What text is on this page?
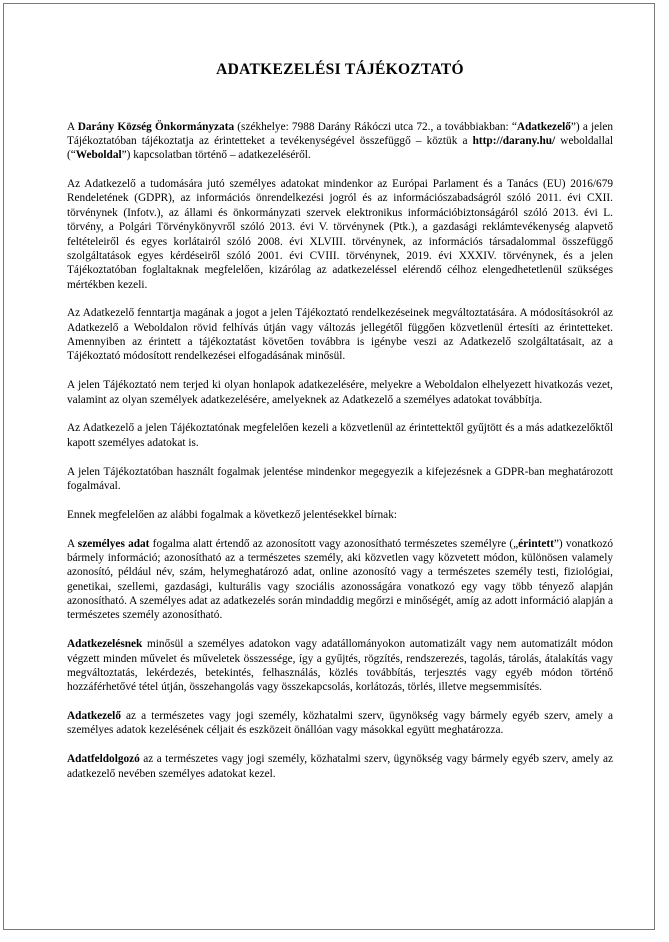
ADATKEZELÉSI TÁJÉKOZTATÓ

A Darány Község Önkormányzata (székhelye: 7988 Darány Rákóczi utca 72., a továbbiakban: “Adatkezelő”) a jelen Tájékoztatóban tájékoztatja az érintetteket a tevékenységével összefüggő – köztük a http://darany.hu/ weboldallal (“Weboldal”) kapcsolatban történő – adatkezeléséről.

Az Adatkezelő a tudomására jutó személyes adatokat mindenkor az Európai Parlament és a Tanács (EU) 2016/679 Rendeletének (GDPR), az információs önrendelkezési jogról és az információszabadságról szóló 2011. évi CXII. törvénynek (Infotv.), az állami és önkormányzati szervek elektronikus információbiztonságáról szóló 2013. évi L. törvény, a Polgári Törvénykönyvről szóló 2013. évi V. törvénynek (Ptk.), a gazdasági reklámtevékenység alapvető feltételeiről és egyes korlátairól szóló 2008. évi XLVIII. törvénynek, az információs társadalommal összefüggő szolgáltatások egyes kérdéseiről szóló 2001. évi CVIII. törvénynek, 2019. évi XXXIV. törvénynek, és a jelen Tájékoztatóban foglaltaknak megfelelően, kizárólag az adatkezeléssel elérendő célhoz elengedhetetlenül szükséges mértékben kezeli.

Az Adatkezelő fenntartja magának a jogot a jelen Tájékoztató rendelkezéseinek megváltoztatására. A módosításokról az Adatkezelő a Weboldalon rövid felhívás útján vagy változás jellegétől függően közvetlenül értesíti az érintetteket. Amennyiben az érintett a tájékoztatást követően továbbra is igénybe veszi az Adatkezelő szolgáltatásait, az a Tájékoztató módosított rendelkezései elfogadásának minősül.

A jelen Tájékoztató nem terjed ki olyan honlapok adatkezelésére, melyekre a Weboldalon elhelyezett hivatkozás vezet, valamint az olyan személyek adatkezelésére, amelyeknek az Adatkezelő a személyes adatokat továbbítja.

Az Adatkezelő a jelen Tájékoztatónak megfelelően kezeli a közvetlenül az érintettektől gyűjtött és a más adatkezelőktől kapott személyes adatokat is.

A jelen Tájékoztatóban használt fogalmak jelentése mindenkor megegyezik a kifejezésnek a GDPR-ban meghatározott fogalmával.

Ennek megfelelően az alábbi fogalmak a következő jelentésekkel bírnak:

A személyes adat fogalma alatt értendő az azonosított vagy azonosítható természetes személyre („érintett”) vonatkozó bármely információ; azonosítható az a természetes személy, aki közvetlen vagy közvetett módon, különösen valamely azonosító, például név, szám, helymeghatározó adat, online azonosító vagy a természetes személy testi, fiziológiai, genetikai, szellemi, gazdasági, kulturális vagy szociális azonosságára vonatkozó egy vagy több tényező alapján azonosítható. A személyes adat az adatkezelés során mindaddig megőrzi e minőségét, amíg az adott információ alapján a természetes személy azonosítható.

Adatkezelésnek minősül a személyes adatokon vagy adatállományokon automatizált vagy nem automatizált módon végzett minden művelet és műveletek összessége, így a gyűjtés, rögzítés, rendszerezés, tagolás, tárolás, átalakítás vagy megváltoztatás, lekérdezés, betekintés, felhasználás, közlés továbbítás, terjesztés vagy egyéb módon történő hozzáférhetővé tétel útján, összehangolás vagy összekapcsolás, korlátozás, törlés, illetve megsemmisítés.

Adatkezelő az a természetes vagy jogi személy, közhatalmi szerv, ügynökség vagy bármely egyéb szerv, amely a személyes adatok kezelésének céljait és eszközeit önállóan vagy másokkal együtt meghatározza.

Adatfeldolgozó az a természetes vagy jogi személy, közhatalmi szerv, ügynökség vagy bármely egyéb szerv, amely az adatkezelő nevében személyes adatokat kezel.
